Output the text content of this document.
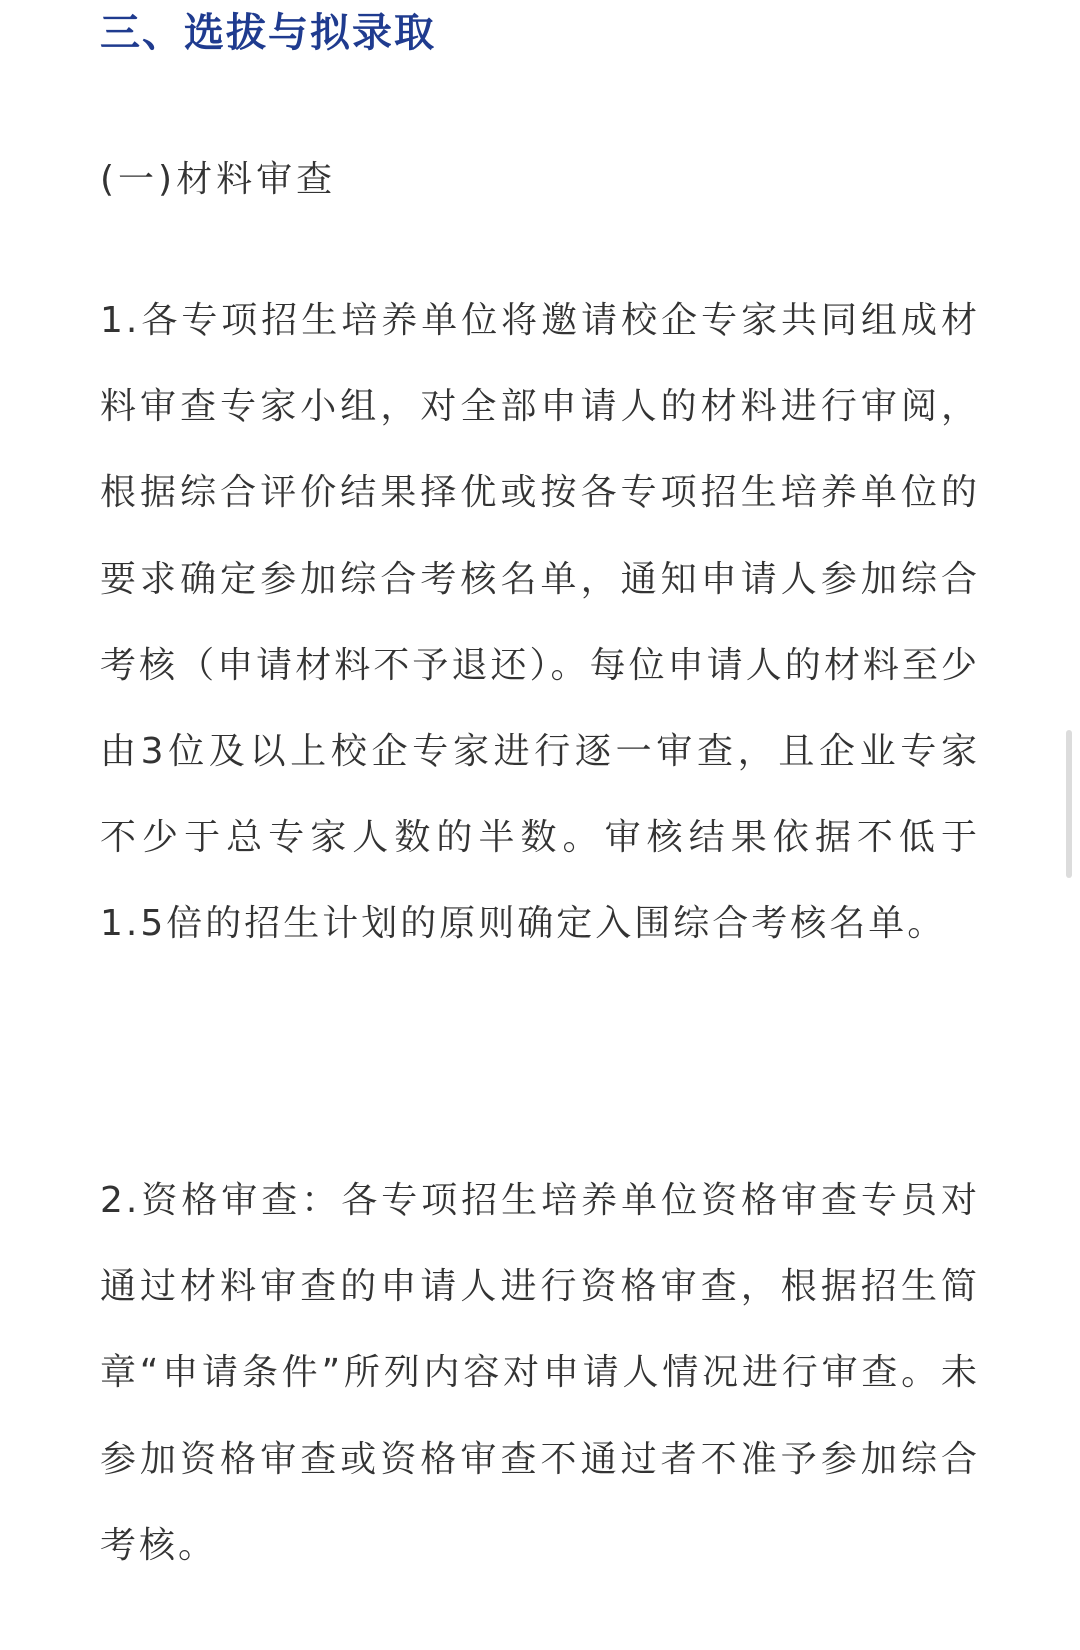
三、选拔与拟录取
(一)材料审查

1.各专项招生培养单位将邀请校企专家共同组成材料审查专家小组，对全部申请人的材料进行审阅，根据综合评价结果择优或按各专项招生培养单位的要求确定参加综合考核名单，通知申请人参加综合考核（申请材料不予退还）。每位申请人的材料至少由3位及以上校企专家进行逐一审查，且企业专家不少于总专家人数的半数。审核结果依据不低于1.5倍的招生计划的原则确定入围综合考核名单。

2.资格审查：各专项招生培养单位资格审查专员对通过材料审查的申请人进行资格审查，根据招生简章“申请条件”所列内容对申请人情况进行审查。未参加资格审查或资格审查不通过者不准予参加综合考核。
